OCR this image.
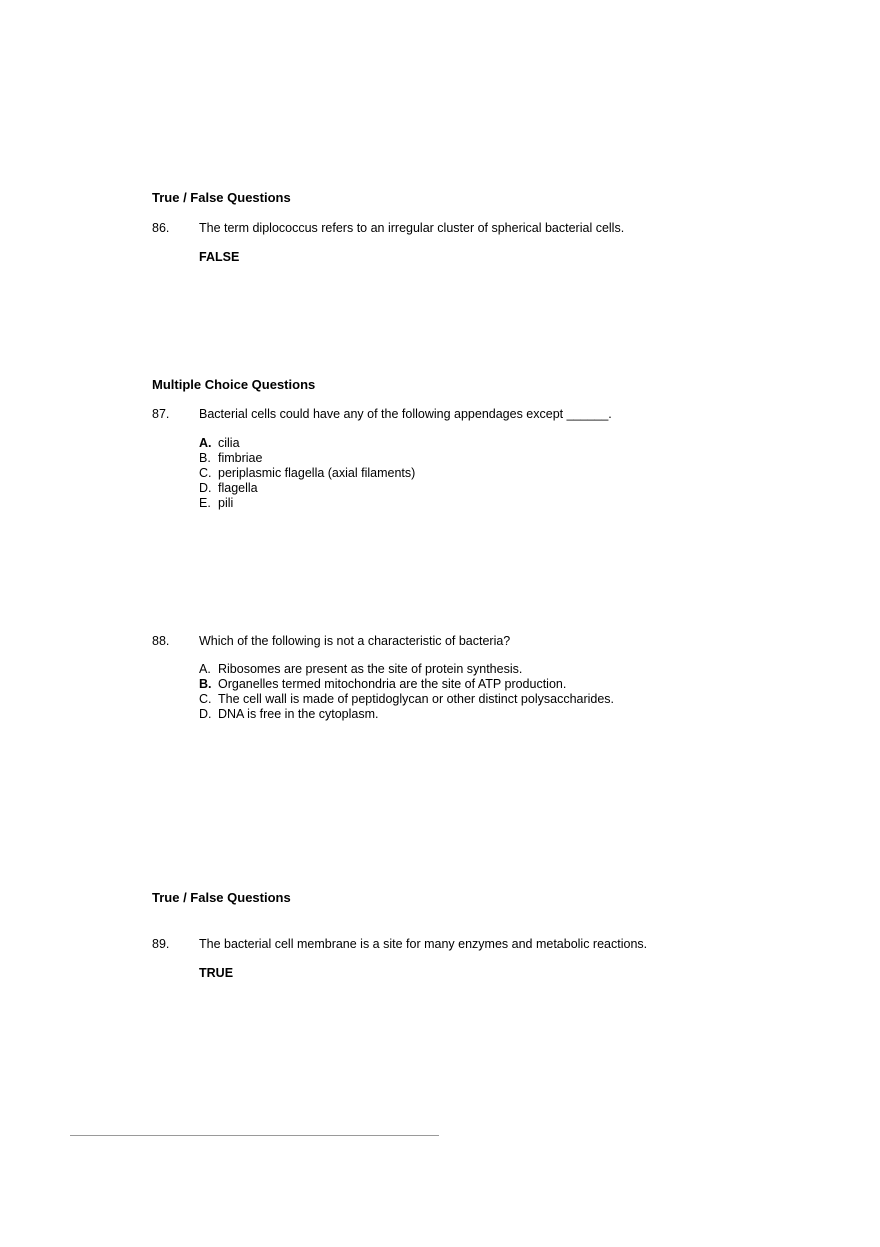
True / False Questions
86. The term diplococcus refers to an irregular cluster of spherical bacterial cells.
FALSE
Multiple Choice Questions
87. Bacterial cells could have any of the following appendages except ______.
A. cilia
B. fimbriae
C. periplasmic flagella (axial filaments)
D. flagella
E. pili
88. Which of the following is not a characteristic of bacteria?
A. Ribosomes are present as the site of protein synthesis.
B. Organelles termed mitochondria are the site of ATP production.
C. The cell wall is made of peptidoglycan or other distinct polysaccharides.
D. DNA is free in the cytoplasm.
True / False Questions
89. The bacterial cell membrane is a site for many enzymes and metabolic reactions.
TRUE
